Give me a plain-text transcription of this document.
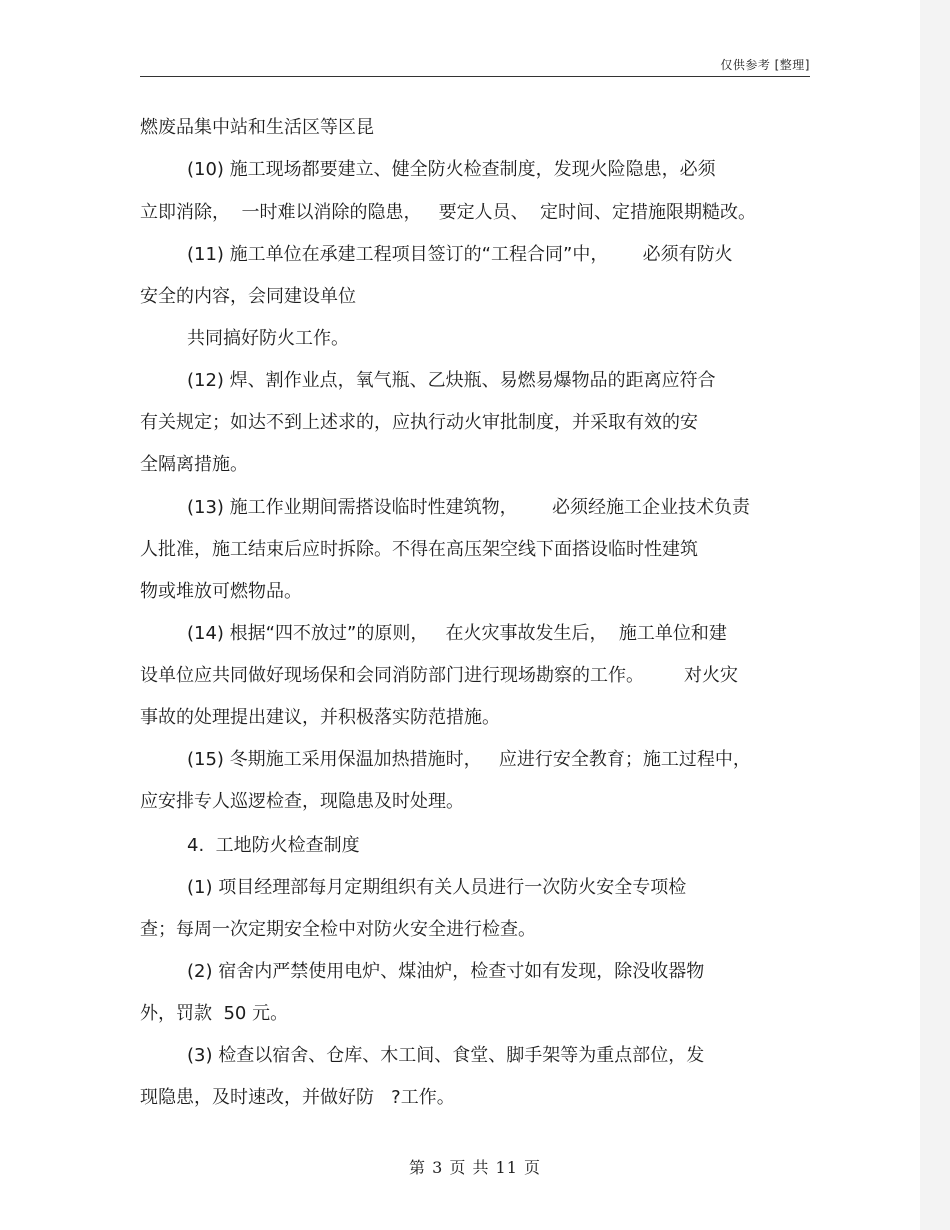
仅供参考 [整理]
燃废品集中站和生活区等区昆
(10) 施工现场都要建立、健全防火检查制度，发现火险隐患，必须
立即消除，  一时难以消除的隐患，   要定人员、  定时间、定措施限期糙改。
(11) 施工单位在承建工程项目签订的“工程合同”中，      必须有防火
安全的内容，会同建设单位
共同搞好防火工作。
(12) 焊、割作业点，氧气瓶、乙炔瓶、易燃易爆物品的距离应符合
有关规定；如达不到上述求的，应执行动火审批制度，并采取有效的安
全隔离措施。
(13) 施工作业期间需搭设临时性建筑物，      必须经施工企业技术负责
人批准，施工结束后应时拆除。不得在高压架空线下面搭设临时性建筑
物或堆放可燃物品。
(14) 根据“四不放过”的原则，   在火灾事故发生后，  施工单位和建
设单位应共同做好现场保和会同消防部门进行现场勘察的工作。       对火灾
事故的处理提出建议，并积极落实防范措施。
(15) 冬期施工采用保温加热措施时，   应进行安全教育；施工过程中，
应安排专人巡逻检查，现隐患及时处理。
4.  工地防火检查制度
(1) 项目经理部每月定期组织有关人员进行一次防火安全专项检
查；每周一次定期安全检中对防火安全进行检查。
(2) 宿舍内严禁使用电炉、煤油炉，检查寸如有发现，除没收器物
外，罚款  50 元。
(3) 检查以宿舍、仓库、木工间、食堂、脚手架等为重点部位，发
现隐患，及时速改，并做好防   ?工作。
第 3 页 共 11 页
